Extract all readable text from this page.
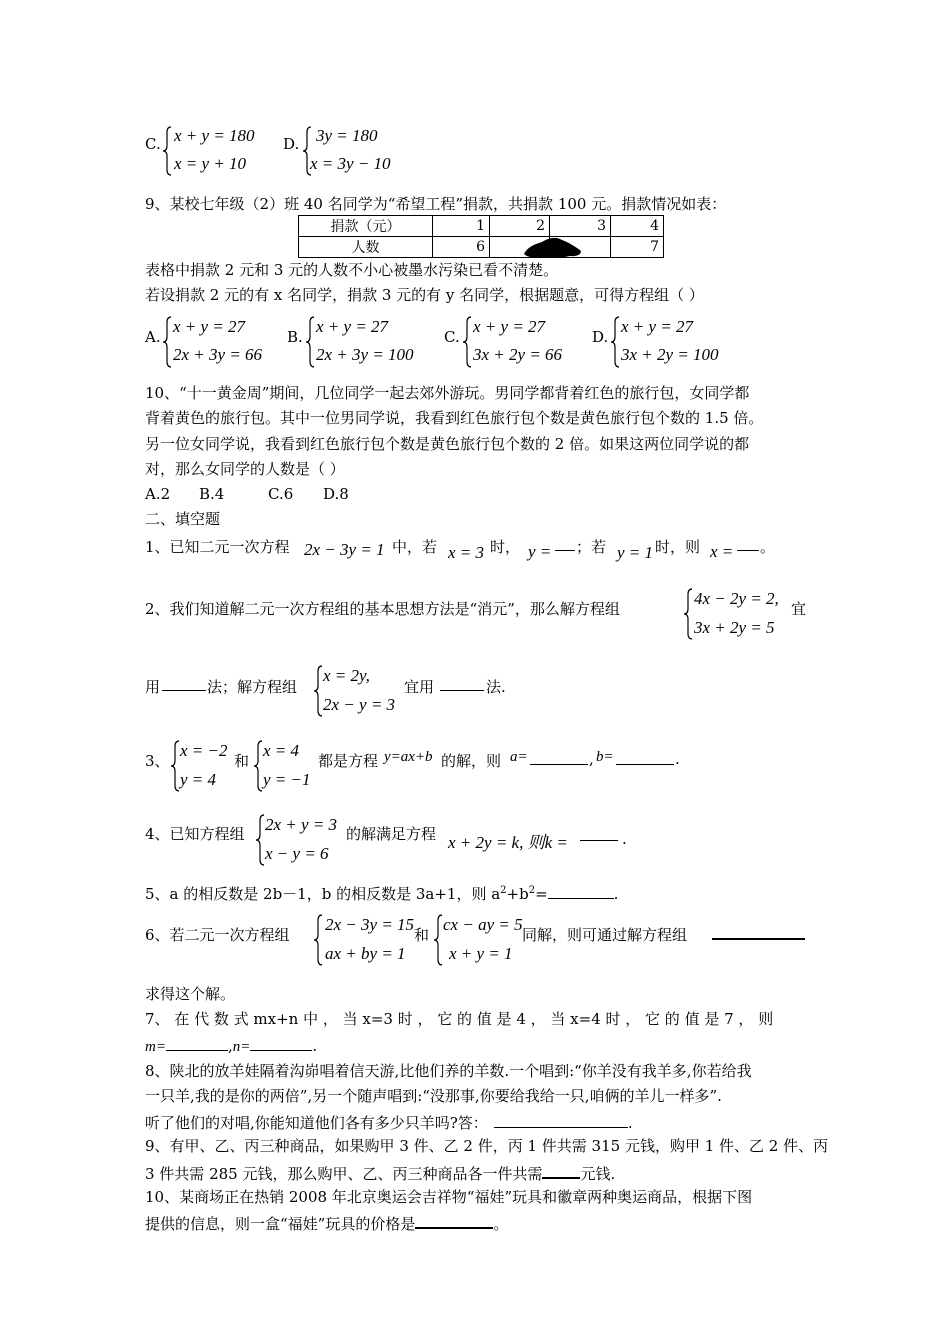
C. x + y = 180
x = y + 10
D. 3y = 180
x = 3y − 10
9、某校七年级（2）班 40 名同学为“希望工程”捐款，共捐款 100 元。捐款情况如表：
捐款（元）	1	2	3	4
人数	6			7
表格中捐款 2 元和 3 元的人数不小心被墨水污染已看不清楚。
若设捐款 2 元的有 x 名同学，捐款 3 元的有 y 名同学，根据题意，可得方程组（ ）
A.
x + y = 27
2x + 3y = 66
B.
x + y = 27
2x + 3y = 100
C.
x + y = 27
3x + 2y = 66
D.
x + y = 27
3x + 2y = 100
10、“十一黄金周”期间，几位同学一起去郊外游玩。男同学都背着红色的旅行包，女同学都
背着黄色的旅行包。其中一位男同学说，我看到红色旅行包个数是黄色旅行包个数的 1.5 倍。
另一位女同学说，我看到红色旅行包个数是黄色旅行包个数的 2 倍。如果这两位同学说的都
对，那么女同学的人数是（ ）
A.2 B.4	C.6 D.8
二、填空题
1、已知二元一次方程 2x − 3y = 1 中，若 x = 3 时， y = ；若 y = 1 时，则 x = 。
2、我们知道解二元一次方程组的基本思想方法是“消元”，那么解方程组
4x − 2y = 2,
3x + 2y = 5
宜
用	法；解方程组
x = 2y,
2x − y = 3
宜用	法.
3、
x = −2
y = 4
和
x = 4
y = −1
都是方程 y=ax+b 的解，则 a=	, b=	.
4、已知方程组 2x + y = 3
x − y = 6
的解满足方程 x + 2y = k, 则k =	.
5、a 的相反数是 2b－1，b 的相反数是 3a+1，则 $a^2+b^2=$	.
6、若二元一次方程组
2x − 3y = 15
ax + by = 1
和
cx − ay = 5
x + y = 1
同解，则可通过解方程组
求得这个解。
7、 在 代 数 式 mx+n 中 ， 当 x=3 时 ， 它 的 值 是 4 ， 当 x=4 时 ， 它 的 值 是 7 ， 则
m=	,n=	.
8、陕北的放羊娃隔着沟峁唱着信天游,比他们养的羊数.一个唱到:“你羊没有我羊多,你若给我
一只羊,我的是你的两倍”,另一个随声唱到:“没那事,你要给我给一只,咱俩的羊儿一样多”.
听了他们的对唱,你能知道他们各有多少只羊吗?答：	.
9、有甲、乙、丙三种商品，如果购甲 3 件、乙 2 件，丙 1 件共需 315 元钱，购甲 1 件、乙 2 件、丙
3 件共需 285 元钱，那么购甲、乙、丙三种商品各一件共需	元钱.
10、某商场正在热销 2008 年北京奥运会吉祥物“福娃”玩具和徽章两种奥运商品，根据下图
提供的信息，则一盒“福娃”玩具的价格是	。
